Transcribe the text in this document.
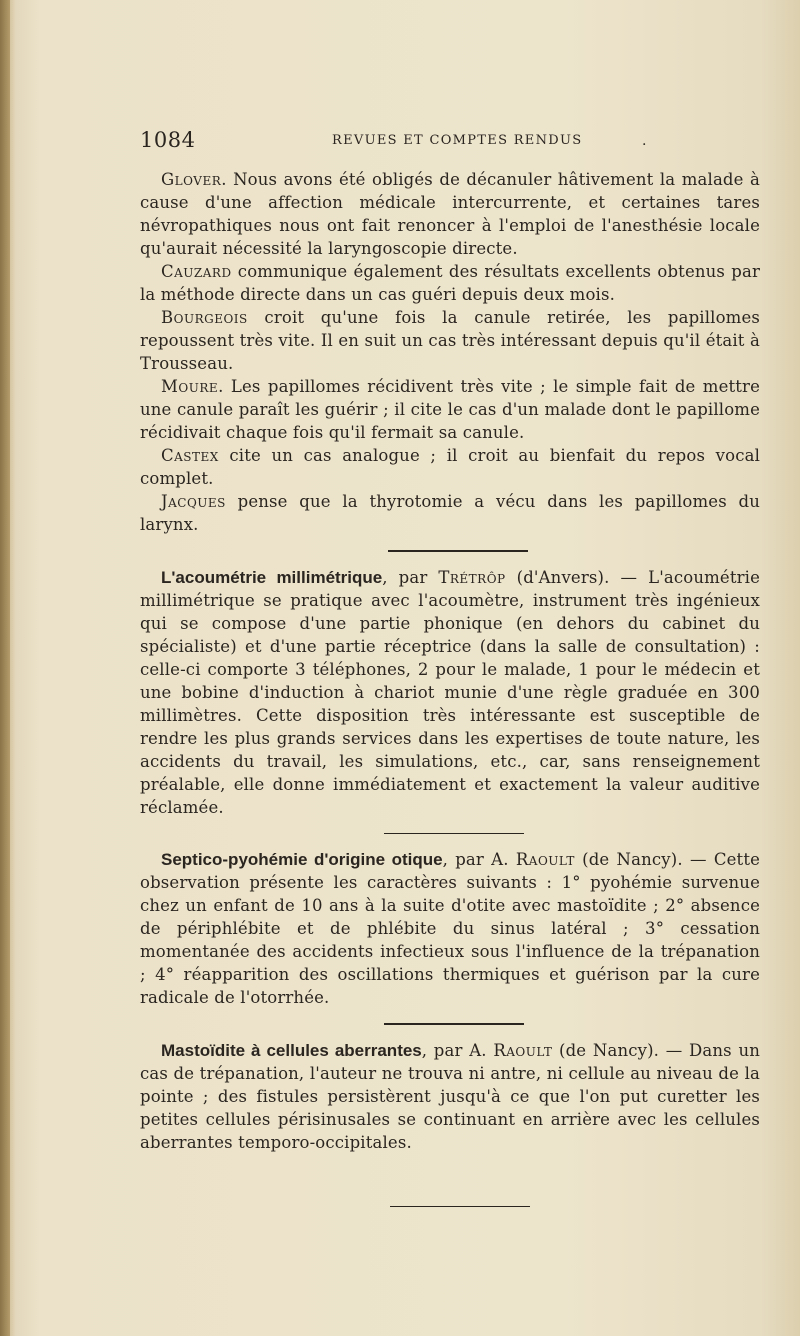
1084	REVUES ET COMPTES RENDUS	.

Glover. Nous avons été obligés de décanuler hâtivement la malade à cause d'une affection médicale intercurrente, et certaines tares névropathiques nous ont fait renoncer à l'emploi de l'anesthésie locale qu'aurait nécessité la laryngoscopie directe.

Cauzard communique également des résultats excellents obtenus par la méthode directe dans un cas guéri depuis deux mois.

Bourgeois croit qu'une fois la canule retirée, les papillomes repoussent très vite. Il en suit un cas très intéressant depuis qu'il était à Trousseau.

Moure. Les papillomes récidivent très vite ; le simple fait de mettre une canule paraît les guérir ; il cite le cas d'un malade dont le papillome récidivait chaque fois qu'il fermait sa canule.

Castex cite un cas analogue ; il croit au bienfait du repos vocal complet.

Jacques pense que la thyrotomie a vécu dans les papillomes du larynx.

L'acoumétrie millimétrique, par Trétrôp (d'Anvers). — L'acoumétrie millimétrique se pratique avec l'acoumètre, instrument très ingénieux qui se compose d'une partie phonique (en dehors du cabinet du spécialiste) et d'une partie réceptrice (dans la salle de consultation) : celle-ci comporte 3 téléphones, 2 pour le malade, 1 pour le médecin et une bobine d'induction à chariot munie d'une règle graduée en 300 millimètres. Cette disposition très intéressante est susceptible de rendre les plus grands services dans les expertises de toute nature, les accidents du travail, les simulations, etc., car, sans renseignement préalable, elle donne immédiatement et exactement la valeur auditive réclamée.

Septico-pyohémie d'origine otique, par A. Raoult (de Nancy). — Cette observation présente les caractères suivants : 1° pyohémie survenue chez un enfant de 10 ans à la suite d'otite avec mastoïdite ; 2° absence de périphlébite et de phlébite du sinus latéral ; 3° cessation momentanée des accidents infectieux sous l'influence de la trépanation ; 4° réapparition des oscillations thermiques et guérison par la cure radicale de l'otorrhée.

Mastoïdite à cellules aberrantes, par A. Raoult (de Nancy). — Dans un cas de trépanation, l'auteur ne trouva ni antre, ni cellule au niveau de la pointe ; des fistules persistèrent jusqu'à ce que l'on put curetter les petites cellules périsinusales se continuant en arrière avec les cellules aberrantes temporo-occipitales.
